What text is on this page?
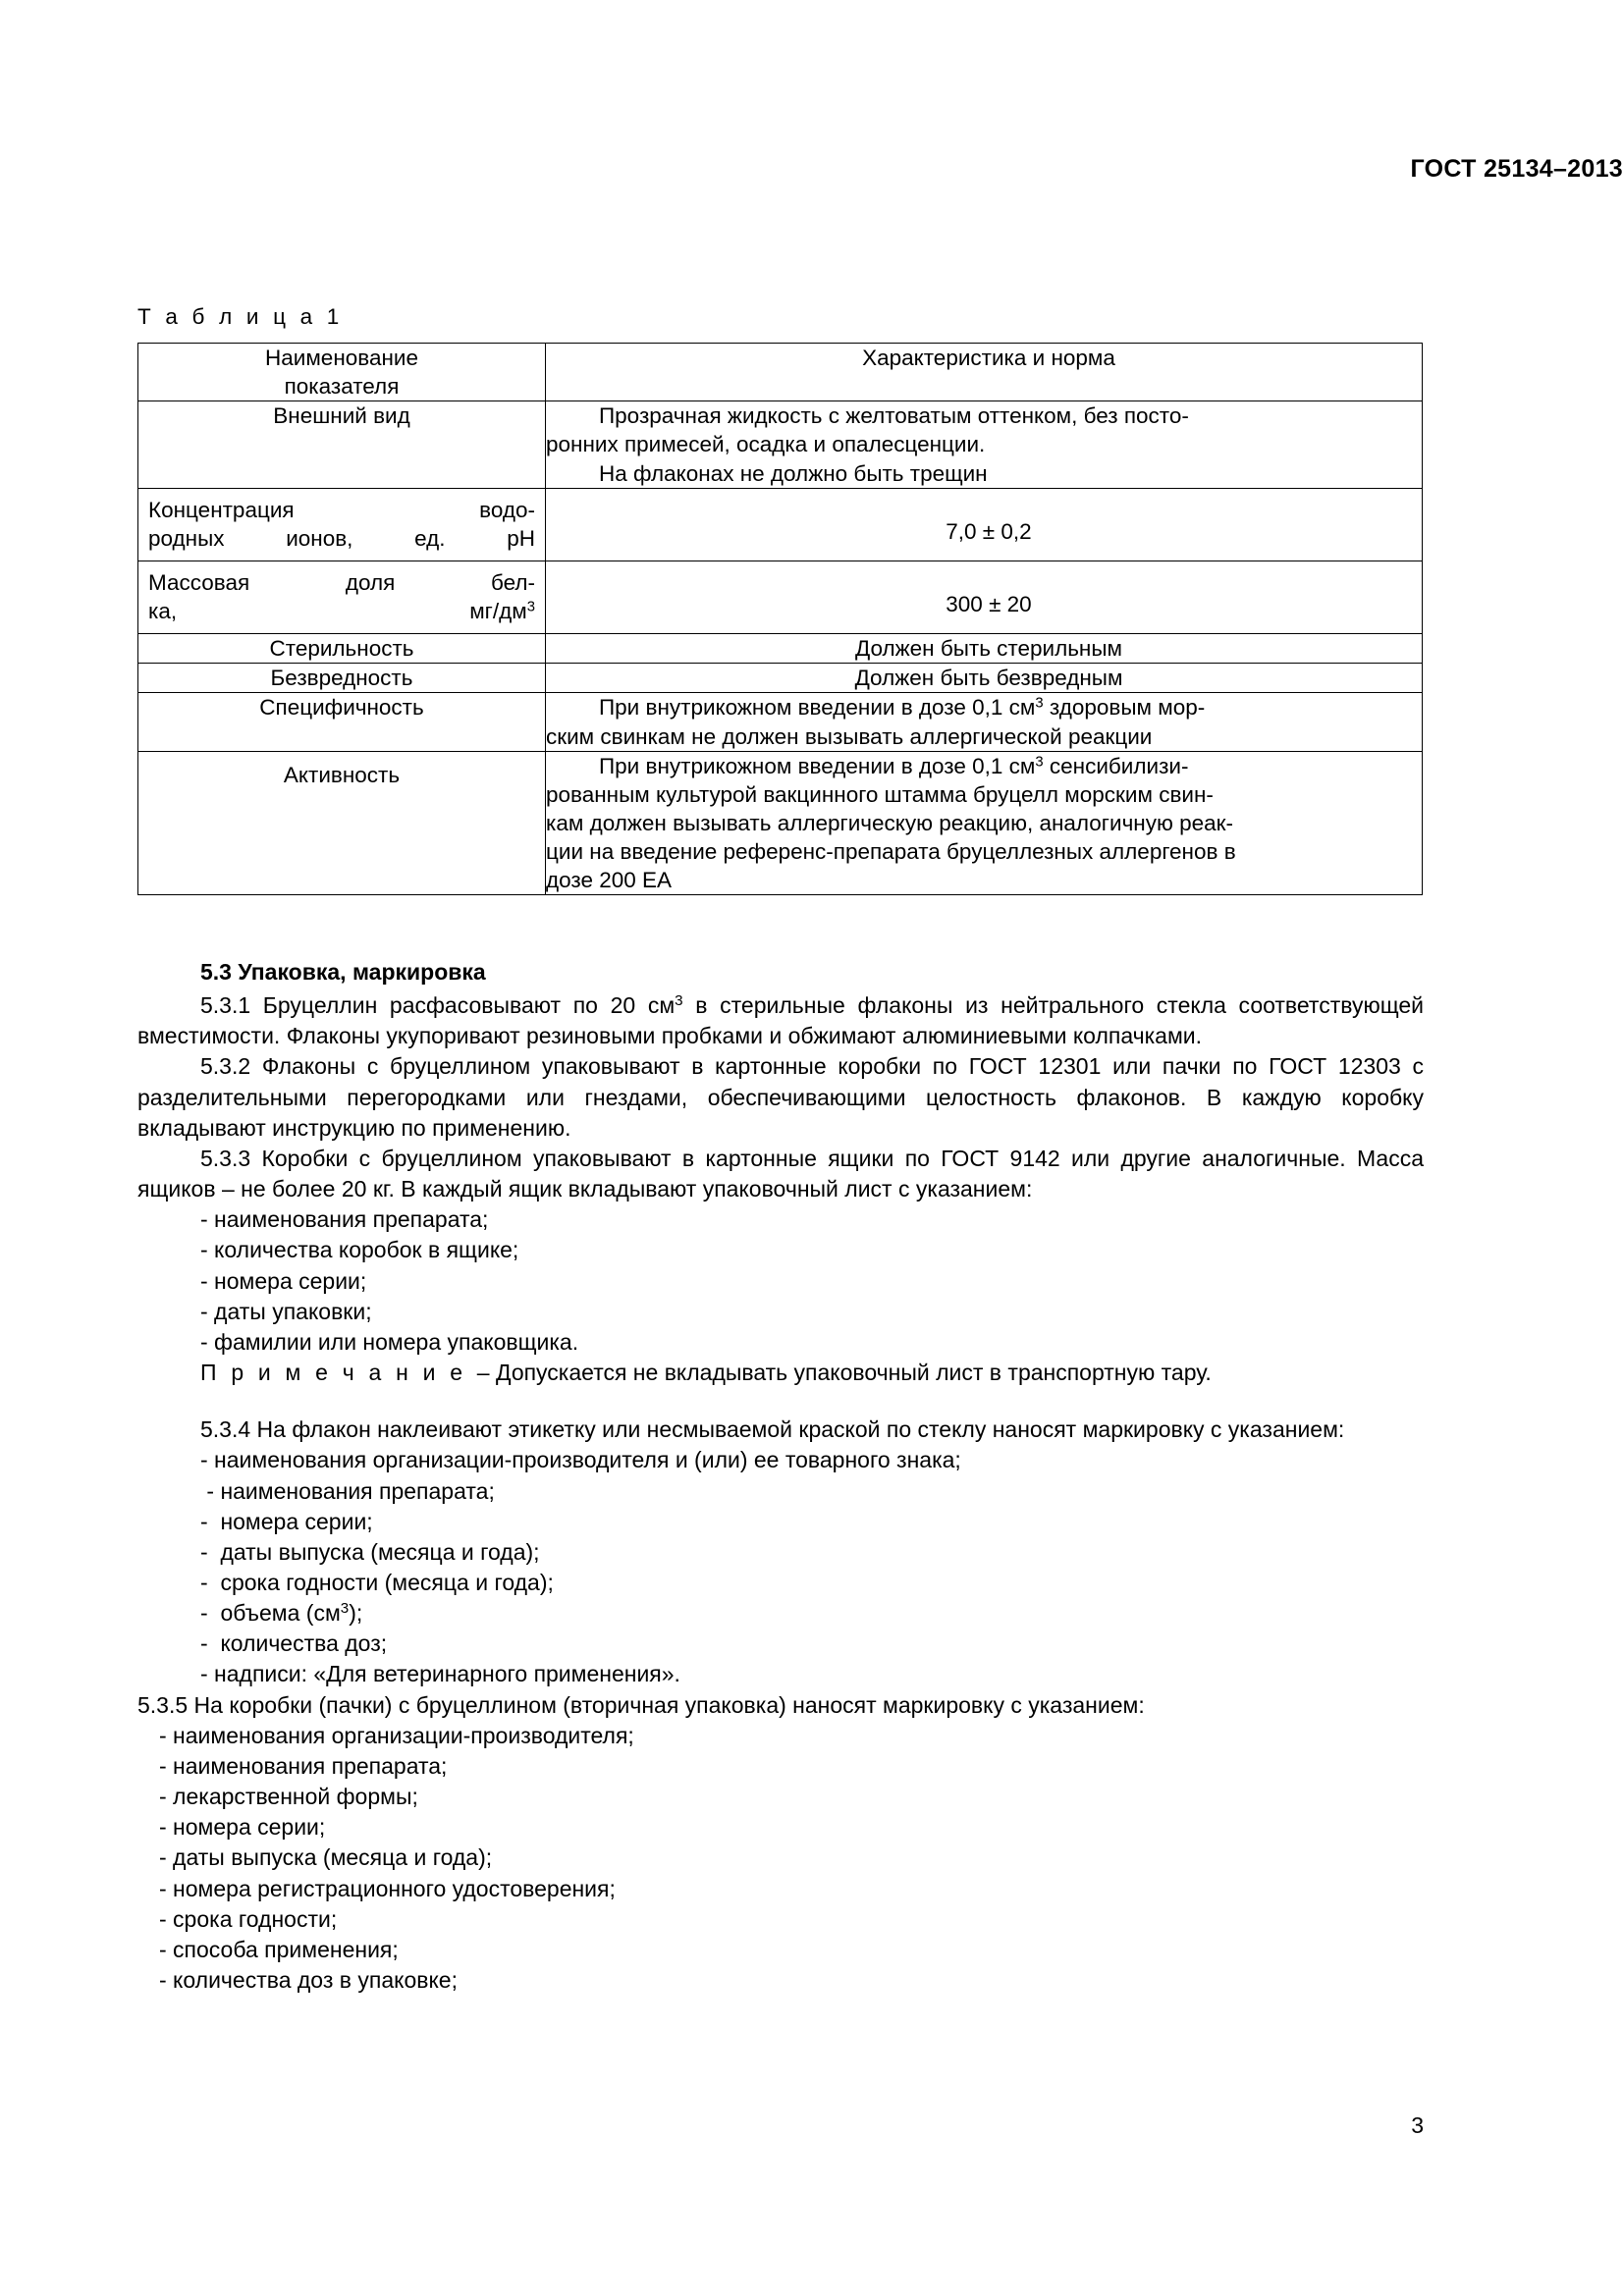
ГОСТ 25134–2013
Т а б л и ц а 1
Наименование
показателя	Характеристика и норма
Внешний вид	Прозрачная жидкость с желтоватым оттенком, без посто-
ронних примесей, осадка и опалесценции.
На флаконах не должно быть трещин

Концентрация водо-
родных ионов, ед. рН	7,0 ± 0,2
Массовая доля бел-
ка, $мг/дм^3$	300 ± 20
Стерильность	Должен быть стерильным
Безвредность	Должен быть безвредным
Специфичность	При внутрикожном введении в дозе 0,1 $см^3$ здоровым мор-
ским свинкам не должен вызывать аллергической реакции

Активность	При внутрикожном введении в дозе 0,1 $см^3$ сенсибилизи-
рованным культурой вакцинного штамма бруцелл морским свин-
кам должен вызывать аллергическую реакцию, аналогичную реак-
ции на введение референс-препарата бруцеллезных аллергенов в
дозе 200 ЕА
5.3 Упаковка, маркировка

5.3.1 Бруцеллин расфасовывают по 20 $см^3$ в стерильные флаконы из нейтрального стекла соответствующей вместимости. Флаконы укупоривают резиновыми пробками и обжимают алюминиевыми колпачками.

5.3.2 Флаконы с бруцеллином упаковывают в картонные коробки по ГОСТ 12301 или пачки по ГОСТ 12303 с разделительными перегородками или гнездами, обеспечивающими целостность флаконов. В каждую коробку вкладывают инструкцию по применению.

5.3.3 Коробки с бруцеллином упаковывают в картонные ящики по ГОСТ 9142 или другие аналогичные. Масса ящиков – не более 20 кг. В каждый ящик вкладывают упаковочный лист с указанием:

- наименования препарата;
- количества коробок в ящике;
- номера серии;
- даты упаковки;
- фамилии или номера упаковщика.

П р и м е ч а н и е – Допускается не вкладывать упаковочный лист в транспортную тару.

5.3.4 На флакон наклеивают этикетку или несмываемой краской по стеклу наносят маркировку с указанием:

- наименования организации-производителя и (или) ее товарного знака;
- наименования препарата;
-  номера серии;
-  даты выпуска (месяца и года);
-  срока годности (месяца и года);
-  объема $(см^3)$;
-  количества доз;
- надписи: «Для ветеринарного применения».

5.3.5 На коробки (пачки) с бруцеллином (вторичная упаковка) наносят маркировку с указанием:

- наименования организации-производителя;
- наименования препарата;
- лекарственной формы;
- номера серии;
- даты выпуска (месяца и года);
- номера регистрационного удостоверения;
- срока годности;
- способа применения;
- количества доз в упаковке;
3
